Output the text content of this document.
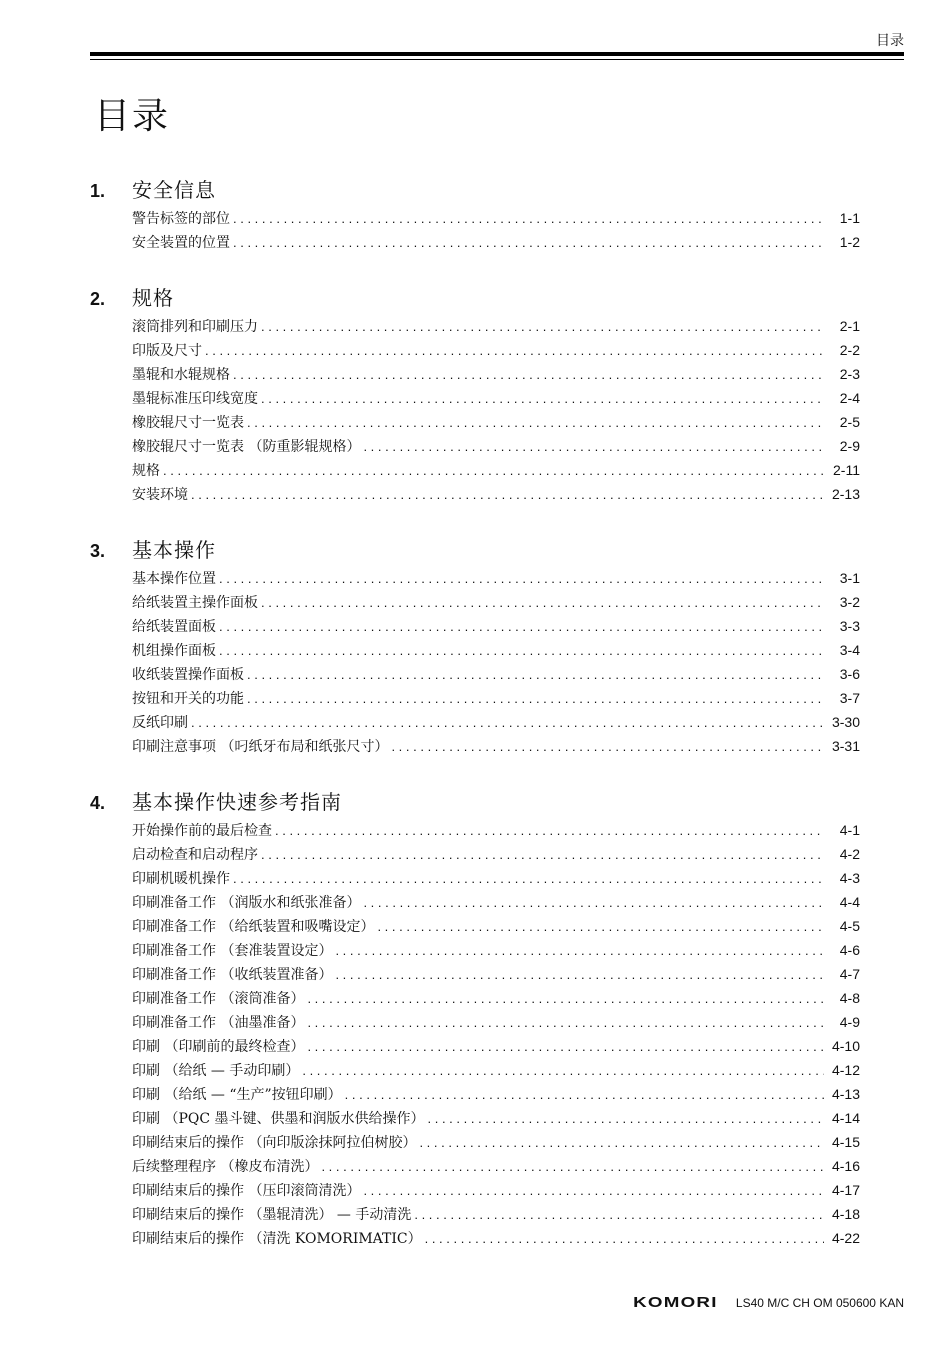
目录
目录
1.	安全信息
警告标签的部位 . . .	1-1
安全装置的位置 . . .	1-2
2.	规格
滚筒排列和印刷压力 . . .	2-1
印版及尺寸 . . .	2-2
墨辊和水辊规格 . . .	2-3
墨辊标准压印线宽度 . . .	2-4
橡胶辊尺寸一览表 . . .	2-5
橡胶辊尺寸一览表 （防重影辊规格） . . .	2-9
规格 . . .	2-11
安装环境 . . .	2-13
3.	基本操作
基本操作位置 . . .	3-1
给纸装置主操作面板 . . .	3-2
给纸装置面板 . . .	3-3
机组操作面板 . . .	3-4
收纸装置操作面板 . . .	3-6
按钮和开关的功能 . . .	3-7
反纸印刷 . . .	3-30
印刷注意事项 （叼纸牙布局和纸张尺寸） . . .	3-31
4.	基本操作快速参考指南
开始操作前的最后检查 . . .	4-1
启动检查和启动程序 . . .	4-2
印刷机暖机操作 . . .	4-3
印刷准备工作 （润版水和纸张准备） . . .	4-4
印刷准备工作 （给纸装置和吸嘴设定） . . .	4-5
印刷准备工作 （套准装置设定） . . .	4-6
印刷准备工作 （收纸装置准备） . . .	4-7
印刷准备工作 （滚筒准备） . . .	4-8
印刷准备工作 （油墨准备） . . .	4-9
印刷 （印刷前的最终检查） . . .	4-10
印刷 （给纸 — 手动印刷） . . .	4-12
印刷 （给纸 — “生产”按钮印刷） . . .	4-13
印刷 （PQC 墨斗键、供墨和润版水供给操作） . . .	4-14
印刷结束后的操作 （向印版涂抹阿拉伯树胶） . . .	4-15
后续整理程序 （橡皮布清洗） . . .	4-16
印刷结束后的操作 （压印滚筒清洗） . . .	4-17
印刷结束后的操作 （墨辊清洗） — 手动清洗 . . .	4-18
印刷结束后的操作 （清洗 KOMORIMATIC） . . .	4-22
KOMORI LS40 M/C CH OM 050600 KAN
